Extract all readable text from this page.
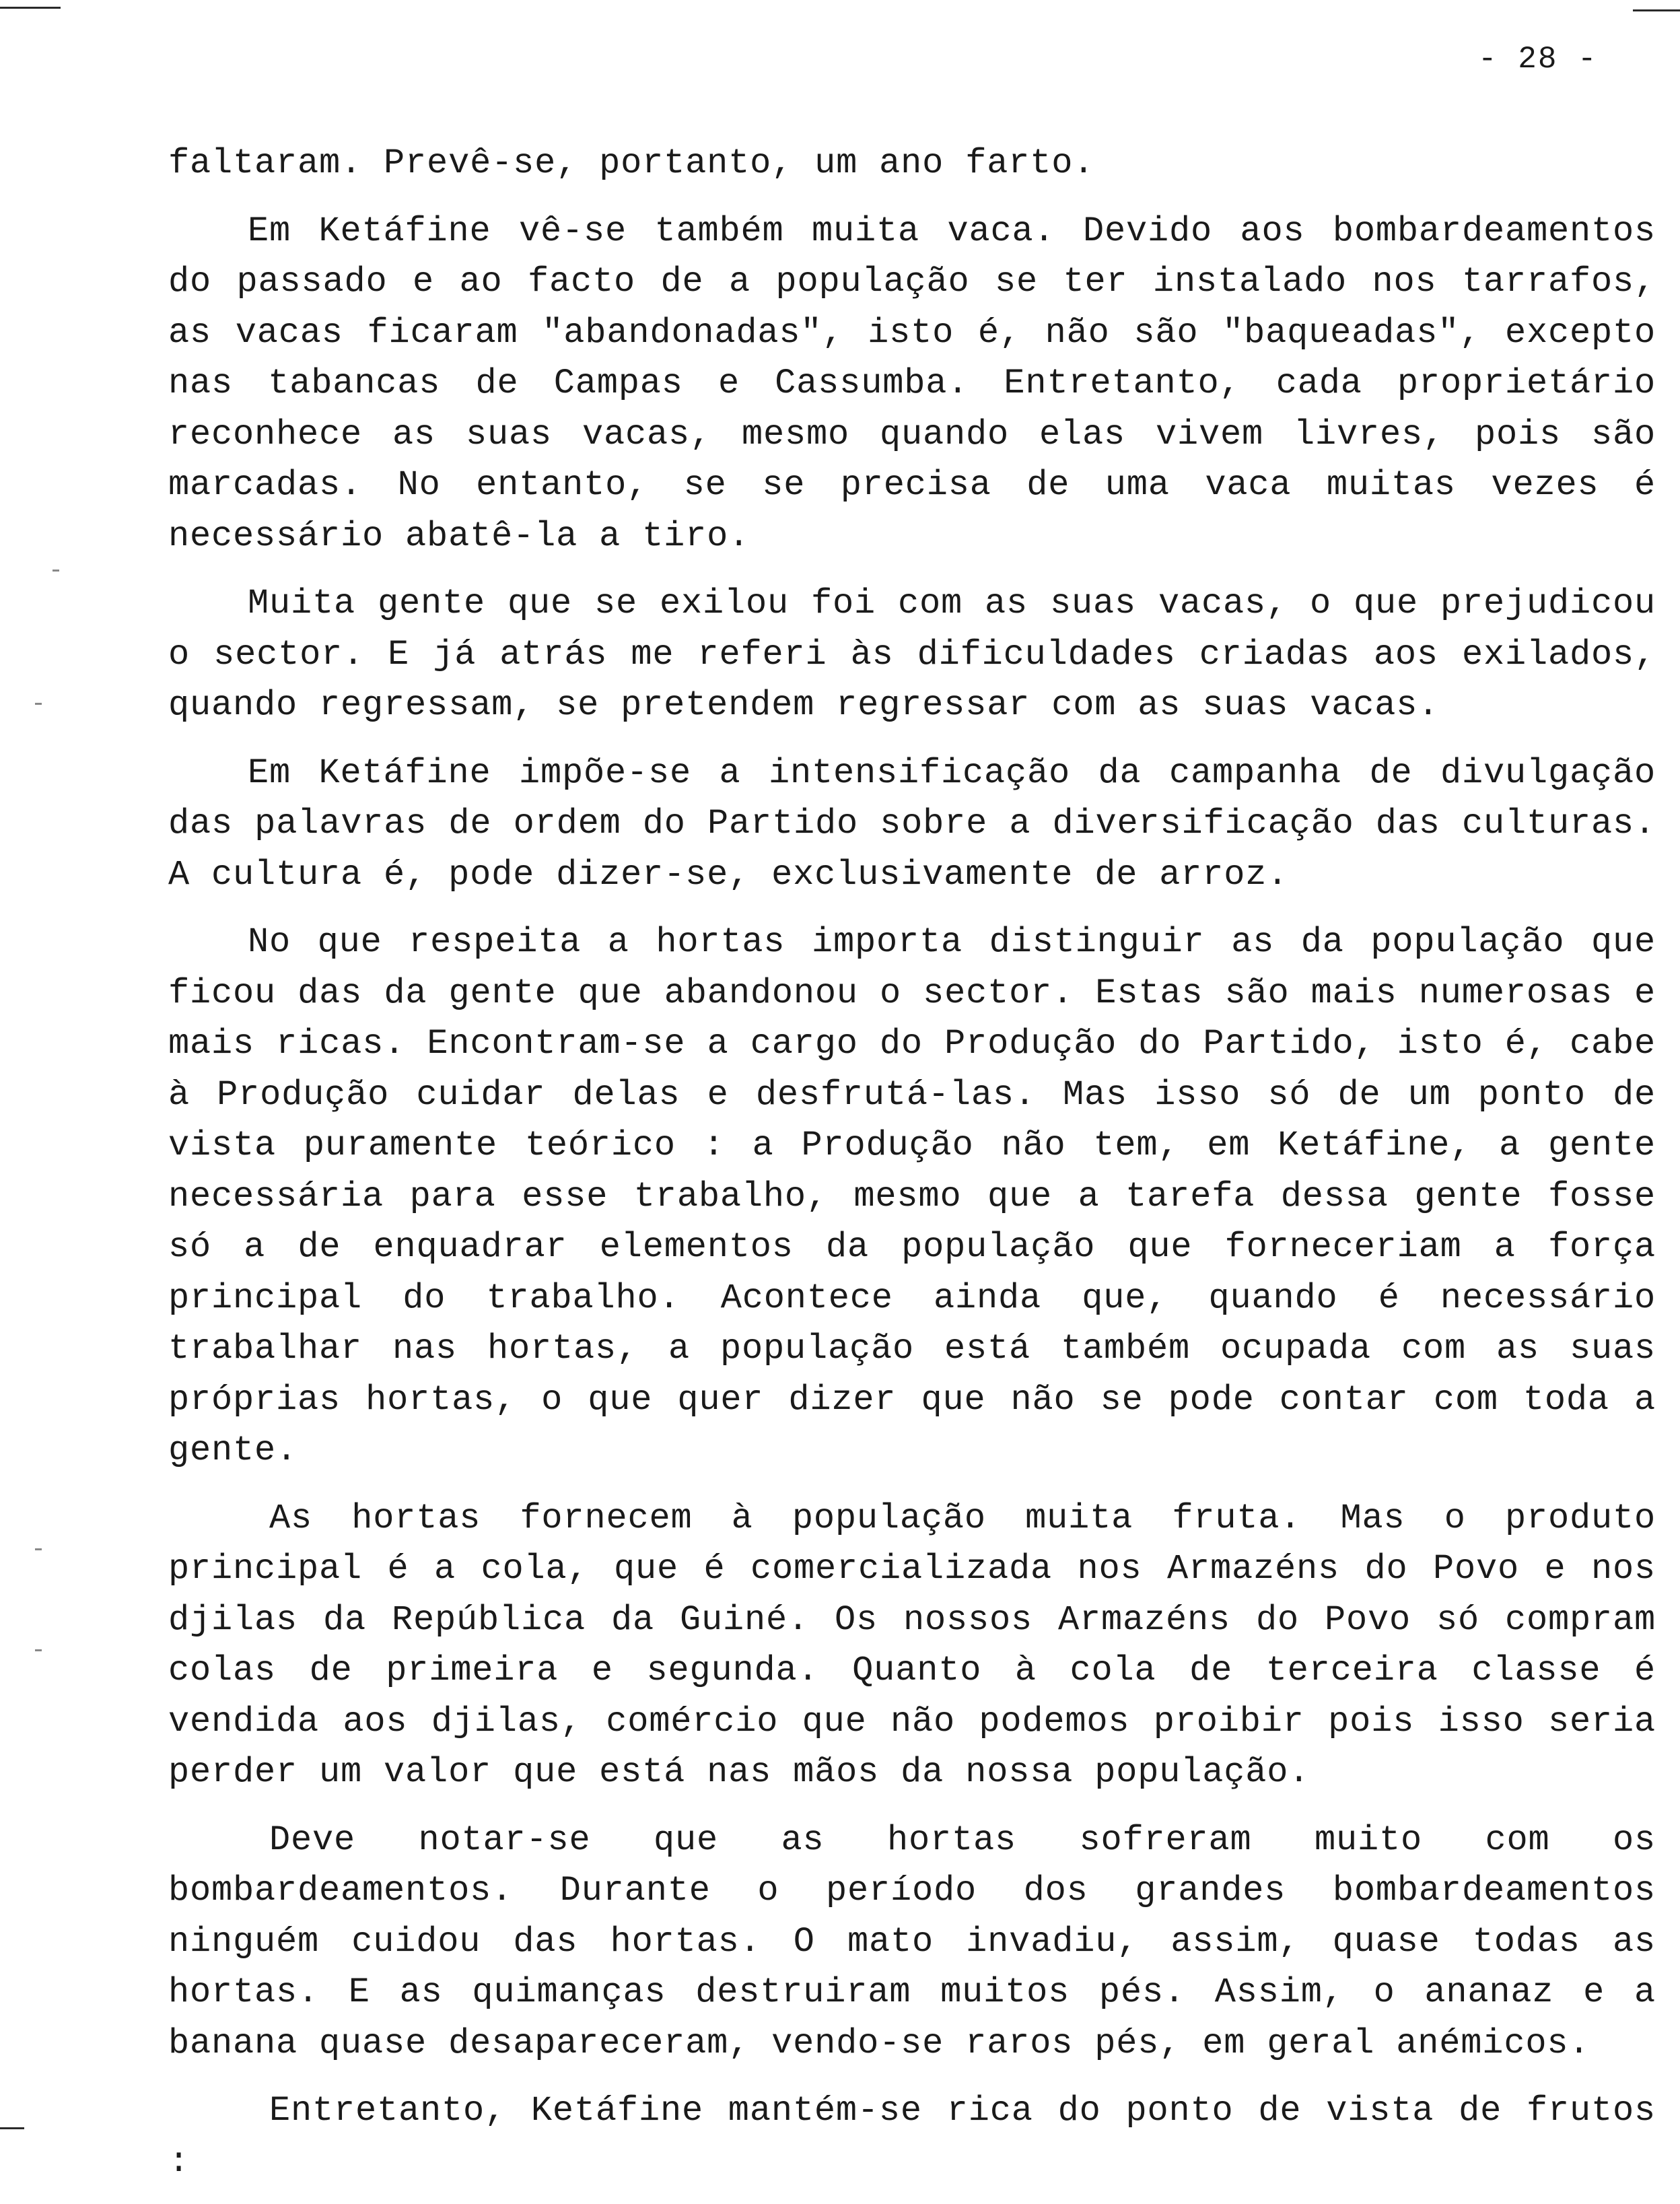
- 28 -

faltaram. Prevê-se, portanto, um ano farto.

Em Ketáfine vê-se também muita vaca. Devido aos bombardeamentos do passado e ao facto de a população se ter instalado nos tarrafos, as vacas ficaram "abandonadas", isto é, não são "baqueadas", excepto nas tabancas de Campas e Cassumba. Entretanto, cada proprietário reconhece as suas vacas, mesmo quando elas vivem livres, pois são marcadas. No entanto, se se precisa de uma vaca muitas vezes é necessário abatê-la a tiro.

Muita gente que se exilou foi com as suas vacas, o que prejudicou o sector. E já atrás me referi às dificuldades criadas aos exilados, quando regressam, se pretendem regressar com as suas vacas.

Em Ketáfine impõe-se a intensificação da campanha de divulgação das palavras de ordem do Partido sobre a diversificação das culturas. A cultura é, pode dizer-se, exclusivamente de arroz.

No que respeita a hortas importa distinguir as da população que ficou das da gente que abandonou o sector. Estas são mais numerosas e mais ricas. Encontram-se a cargo do Produção do Partido, isto é, cabe à Produção cuidar delas e desfrutá-las. Mas isso só de um ponto de vista puramente teórico : a Produção não tem, em Ketáfine, a gente necessária para esse trabalho, mesmo que a tarefa dessa gente fosse só a de enquadrar elementos da população que forneceriam a força principal do trabalho. Acontece ainda que, quando é necessário trabalhar nas hortas, a população está também ocupada com as suas próprias hortas, o que quer dizer que não se pode contar com toda a gente.

As hortas fornecem à população muita fruta. Mas o produto principal é a cola, que é comercializada nos Armazéns do Povo e nos djilas da República da Guiné. Os nossos Armazéns do Povo só compram colas de primeira e segunda. Quanto à cola de terceira classe é vendida aos djilas, comércio que não podemos proibir pois isso seria perder um valor que está nas mãos da nossa população.

Deve notar-se que as hortas sofreram muito com os bombardeamentos. Durante o período dos grandes bombardeamentos ninguém cuidou das hortas. O mato invadiu, assim, quase todas as hortas. E as quimanças destruiram muitos pés. Assim, o ananaz e a banana quase desapareceram, vendo-se raros pés, em geral anémicos.

Entretanto, Ketáfine mantém-se rica do ponto de vista de frutos :
